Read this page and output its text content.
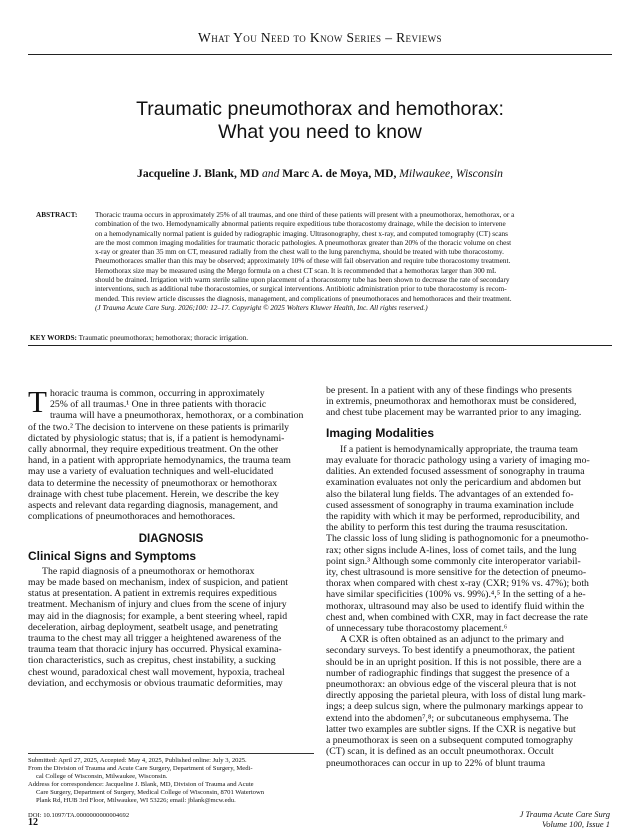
What You Need to Know Series – Reviews
Traumatic pneumothorax and hemothorax:
What you need to know
Jacqueline J. Blank, MD and Marc A. de Moya, MD, Milwaukee, Wisconsin
ABSTRACT: Thoracic trauma occurs in approximately 25% of all traumas, and one third of these patients will present with a pneumothorax, hemothorax, or a
combination of the two. Hemodynamically abnormal patients require expeditious tube thoracostomy drainage, while the decision to intervene
on a hemodynamically normal patient is guided by radiographic imaging. Ultrasonography, chest x-ray, and computed tomography (CT) scans
are the most common imaging modalities for traumatic thoracic pathologies. A pneumothorax greater than 20% of the thoracic volume on chest
x-ray or greater than 35 mm on CT, measured radially from the chest wall to the lung parenchyma, should be treated with tube thoracostomy.
Pneumothoraces smaller than this may be observed; approximately 10% of these will fail observation and require tube thoracostomy treatment.
Hemothorax size may be measured using the Mergo formula on a chest CT scan. It is recommended that a hemothorax larger than 300 mL
should be drained. Irrigation with warm sterile saline upon placement of a thoracostomy tube has been shown to decrease the rate of secondary
interventions, such as additional tube thoracostomies, or surgical interventions. Antibiotic administration prior to tube thoracostomy is recom-
mended. This review article discusses the diagnosis, management, and complications of pneumothoraces and hemothoraces and their treatment.
(J Trauma Acute Care Surg. 2026;100: 12–17. Copyright © 2025 Wolters Kluwer Health, Inc. All rights reserved.)
KEY WORDS: Traumatic pneumothorax; hemothorax; thoracic irrigation.
T horacic trauma is common, occurring in approximately
25% of all traumas.¹ One in three patients with thoracic
trauma will have a pneumothorax, hemothorax, or a combination
of the two.² The decision to intervene on these patients is primarily
dictated by physiologic status; that is, if a patient is hemodynami-
cally abnormal, they require expeditious treatment. On the other
hand, in a patient with appropriate hemodynamics, the trauma team
may use a variety of evaluation techniques and well-elucidated
data to determine the necessity of pneumothorax or hemothorax
drainage with chest tube placement. Herein, we describe the key
aspects and relevant data regarding diagnosis, management, and
complications of pneumothoraces and hemothoraces.
DIAGNOSIS
Clinical Signs and Symptoms
The rapid diagnosis of a pneumothorax or hemothorax
may be made based on mechanism, index of suspicion, and patient
status at presentation. A patient in extremis requires expeditious
treatment. Mechanism of injury and clues from the scene of injury
may aid in the diagnosis; for example, a bent steering wheel, rapid
deceleration, airbag deployment, seatbelt usage, and penetrating
trauma to the chest may all trigger a heightened awareness of the
trauma team that thoracic injury has occurred. Physical examina-
tion characteristics, such as crepitus, chest instability, a sucking
chest wound, paradoxical chest wall movement, hypoxia, tracheal
deviation, and ecchymosis or obvious traumatic deformities, may
be present. In a patient with any of these findings who presents
in extremis, pneumothorax and hemothorax must be considered,
and chest tube placement may be warranted prior to any imaging.
Imaging Modalities
If a patient is hemodynamically appropriate, the trauma team
may evaluate for thoracic pathology using a variety of imaging mo-
dalities. An extended focused assessment of sonography in trauma
examination evaluates not only the pericardium and abdomen but
also the bilateral lung fields. The advantages of an extended fo-
cused assessment of sonography in trauma examination include
the rapidity with which it may be performed, reproducibility, and
the ability to perform this test during the trauma resuscitation.
The classic loss of lung sliding is pathognomonic for a pneumotho-
rax; other signs include A-lines, loss of comet tails, and the lung
point sign.³ Although some commonly cite interoperator variabil-
ity, chest ultrasound is more sensitive for the detection of pneumo-
thorax when compared with chest x-ray (CXR; 91% vs. 47%); both
have similar specificities (100% vs. 99%).⁴,⁵ In the setting of a he-
mothorax, ultrasound may also be used to identify fluid within the
chest and, when combined with CXR, may in fact decrease the rate
of unnecessary tube thoracostomy placement.⁶
A CXR is often obtained as an adjunct to the primary and
secondary surveys. To best identify a pneumothorax, the patient
should be in an upright position. If this is not possible, there are a
number of radiographic findings that suggest the presence of a
pneumothorax: an obvious edge of the visceral pleura that is not
directly apposing the parietal pleura, with loss of distal lung mark-
ings; a deep sulcus sign, where the pulmonary markings appear to
extend into the abdomen⁷,⁸; or subcutaneous emphysema. The
latter two examples are subtler signs. If the CXR is negative but
a pneumothorax is seen on a subsequent computed tomography
(CT) scan, it is defined as an occult pneumothorax. Occult
pneumothoraces can occur in up to 22% of blunt trauma
Submitted: April 27, 2025, Accepted: May 4, 2025, Published online: July 3, 2025.
From the Division of Trauma and Acute Care Surgery, Department of Surgery, Medi-
cal College of Wisconsin, Milwaukee, Wisconsin.
Address for correspondence: Jacqueline J. Blank, MD, Division of Trauma and Acute
Care Surgery, Department of Surgery, Medical College of Wisconsin, 8701 Watertown
Plank Rd, HUB 3rd Floor, Milwaukee, WI 53226; email: jblank@mcw.edu.
DOI: 10.1097/TA.0000000000004692
12
J Trauma Acute Care Surg
Volume 100, Issue 1
